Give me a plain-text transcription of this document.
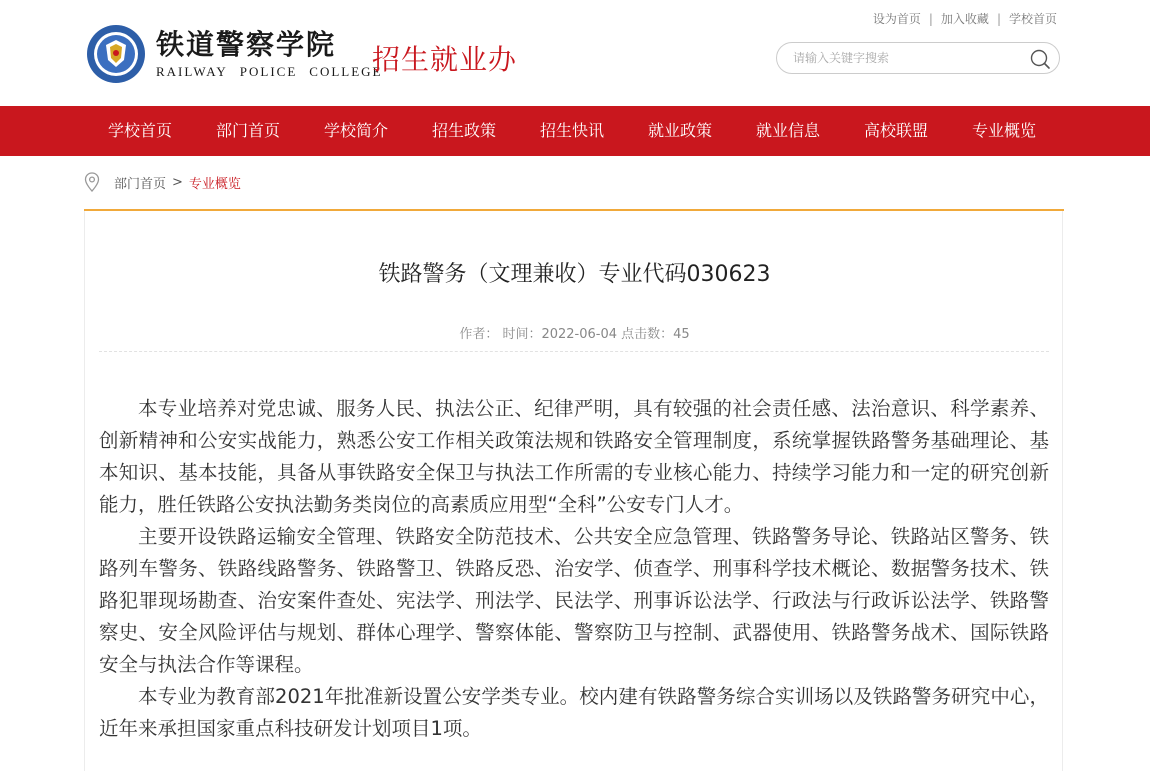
铁道警察学院
RAILWAY POLICE COLLEGE
招生就业办
设为首页 | 加入收藏 | 学校首页
请输入关键字搜索
学校首页	部门首页	学校简介	招生政策	招生快讯	就业政策	就业信息	高校联盟	专业概览
部门首页 > 专业概览
铁路警务（文理兼收）专业代码030623
作者： 时间：2022-06-04 点击数：45

本专业培养对党忠诚、服务人民、执法公正、纪律严明，具有较强的社会责任感、法治意识、科学素养、创新精神和公安实战能力，熟悉公安工作相关政策法规和铁路安全管理制度，系统掌握铁路警务基础理论、基本知识、基本技能，具备从事铁路安全保卫与执法工作所需的专业核心能力、持续学习能力和一定的研究创新能力，胜任铁路公安执法勤务类岗位的高素质应用型“全科”公安专门人才。

主要开设铁路运输安全管理、铁路安全防范技术、公共安全应急管理、铁路警务导论、铁路站区警务、铁路列车警务、铁路线路警务、铁路警卫、铁路反恐、治安学、侦查学、刑事科学技术概论、数据警务技术、铁路犯罪现场勘查、治安案件查处、宪法学、刑法学、民法学、刑事诉讼法学、行政法与行政诉讼法学、铁路警察史、安全风险评估与规划、群体心理学、警察体能、警察防卫与控制、武器使用、铁路警务战术、国际铁路安全与执法合作等课程。

本专业为教育部2021年批准新设置公安学类专业。校内建有铁路警务综合实训场以及铁路警务研究中心，近年来承担国家重点科技研发计划项目1项。
